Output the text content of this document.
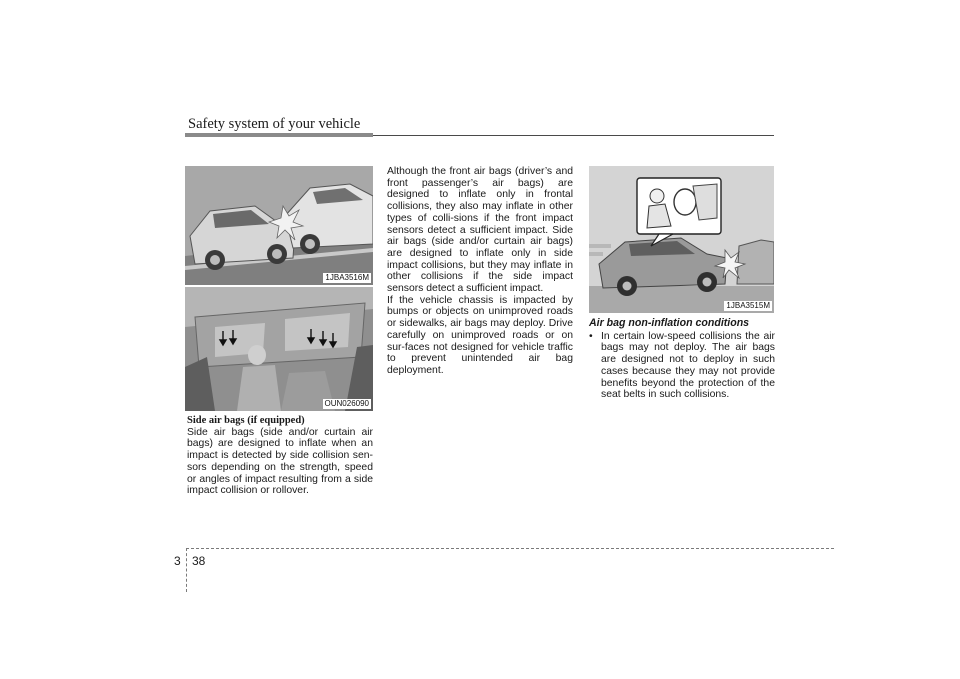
Safety system of your vehicle
1JBA3516M
OUN026090
1JBA3515M
Side air bags (if equipped)
Side air bags (side and/or curtain air bags) are designed to inflate when an impact is detected by side collision sen-sors depending on the strength, speed or angles of impact resulting from a side impact collision or rollover.
Although the front air bags (driver’s and front passenger’s air bags) are designed to inflate only in frontal collisions, they also may inflate in other types of colli-sions if the front impact sensors detect a sufficient impact. Side air bags (side and/or curtain air bags) are designed to inflate only in side impact collisions, but they may inflate in other collisions if the side impact sensors detect a sufficient impact.
If the vehicle chassis is impacted by bumps or objects on unimproved roads or sidewalks, air bags may deploy. Drive carefully on unimproved roads or on sur-faces not designed for vehicle traffic to prevent unintended air bag deployment.
Air bag non-inflation conditions
• In certain low-speed collisions the air bags may not deploy. The air bags are designed not to deploy in such cases because they may not provide benefits beyond the protection of the seat belts in such collisions.
3 38
